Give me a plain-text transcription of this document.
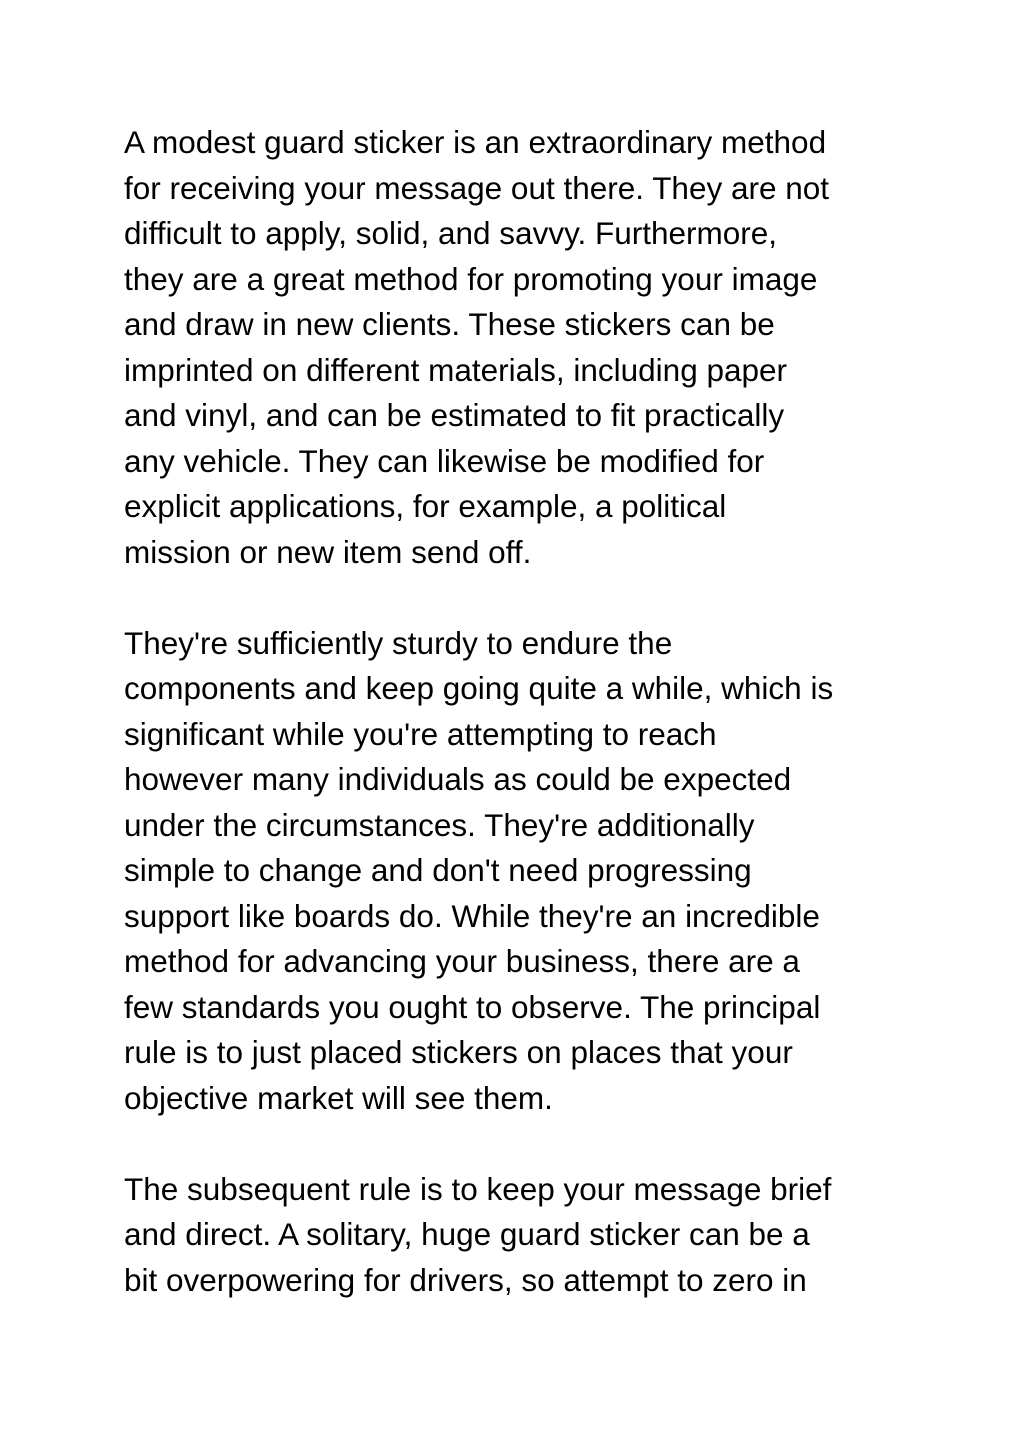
A modest guard sticker is an extraordinary method
for receiving your message out there. They are not
difficult to apply, solid, and savvy. Furthermore,
they are a great method for promoting your image
and draw in new clients. These stickers can be
imprinted on different materials, including paper
and vinyl, and can be estimated to fit practically
any vehicle. They can likewise be modified for
explicit applications, for example, a political
mission or new item send off.

They're sufficiently sturdy to endure the
components and keep going quite a while, which is
significant while you're attempting to reach
however many individuals as could be expected
under the circumstances. They're additionally
simple to change and don't need progressing
support like boards do. While they're an incredible
method for advancing your business, there are a
few standards you ought to observe. The principal
rule is to just placed stickers on places that your
objective market will see them.

The subsequent rule is to keep your message brief
and direct. A solitary, huge guard sticker can be a
bit overpowering for drivers, so attempt to zero in
